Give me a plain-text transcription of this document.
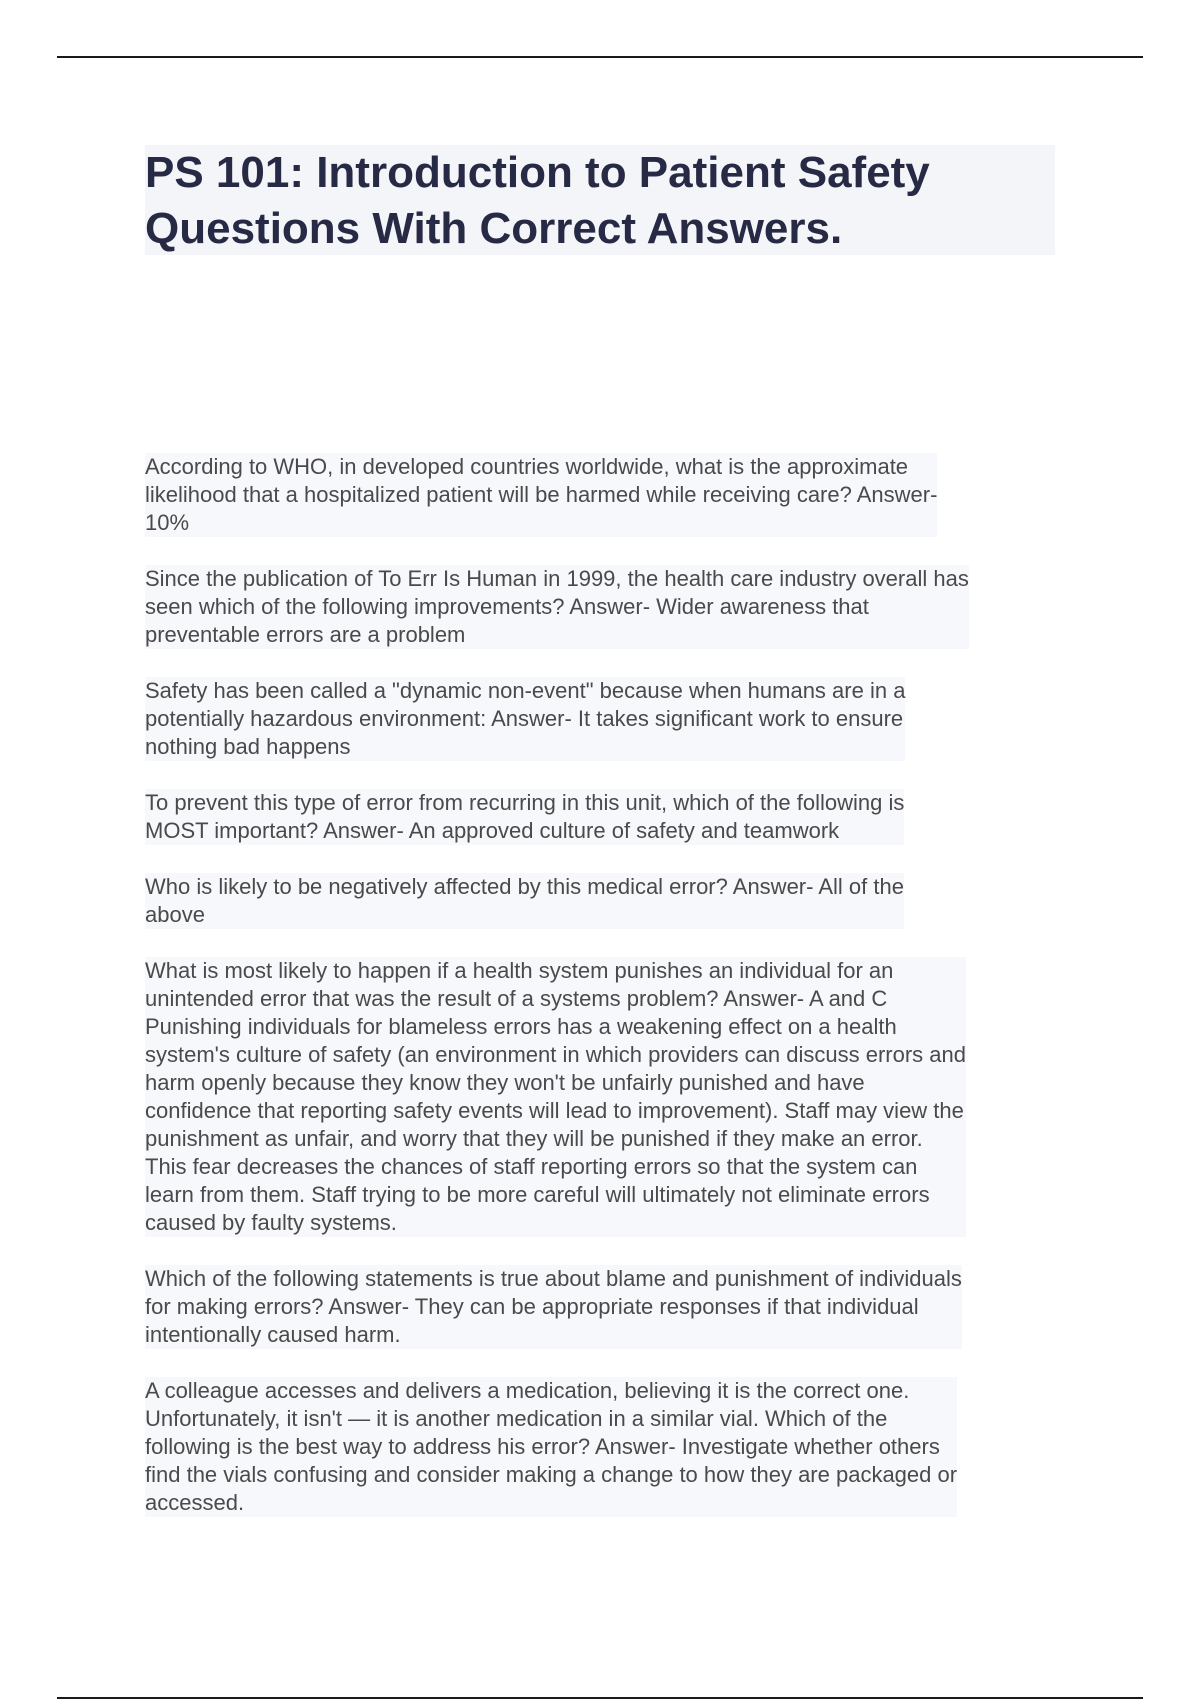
PS 101: Introduction to Patient Safety
Questions With Correct Answers.

According to WHO, in developed countries worldwide, what is the approximate
likelihood that a hospitalized patient will be harmed while receiving care? Answer-
10%

Since the publication of To Err Is Human in 1999, the health care industry overall has
seen which of the following improvements? Answer- Wider awareness that
preventable errors are a problem

Safety has been called a "dynamic non-event" because when humans are in a
potentially hazardous environment: Answer- It takes significant work to ensure
nothing bad happens

To prevent this type of error from recurring in this unit, which of the following is
MOST important? Answer- An approved culture of safety and teamwork

Who is likely to be negatively affected by this medical error? Answer- All of the
above

What is most likely to happen if a health system punishes an individual for an
unintended error that was the result of a systems problem? Answer- A and C
Punishing individuals for blameless errors has a weakening effect on a health
system's culture of safety (an environment in which providers can discuss errors and
harm openly because they know they won't be unfairly punished and have
confidence that reporting safety events will lead to improvement). Staff may view the
punishment as unfair, and worry that they will be punished if they make an error.
This fear decreases the chances of staff reporting errors so that the system can
learn from them. Staff trying to be more careful will ultimately not eliminate errors
caused by faulty systems.

Which of the following statements is true about blame and punishment of individuals
for making errors? Answer- They can be appropriate responses if that individual
intentionally caused harm.

A colleague accesses and delivers a medication, believing it is the correct one.
Unfortunately, it isn't — it is another medication in a similar vial. Which of the
following is the best way to address his error? Answer- Investigate whether others
find the vials confusing and consider making a change to how they are packaged or
accessed.
